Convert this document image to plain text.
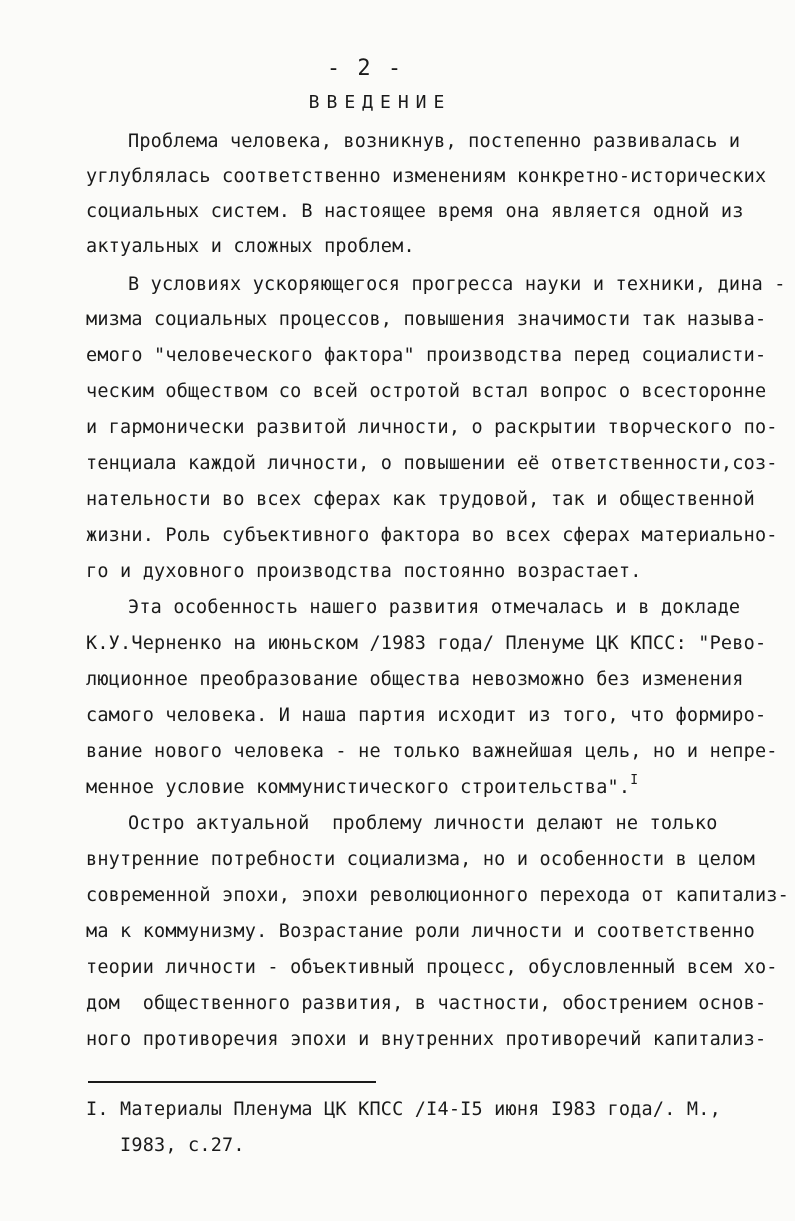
- 2 -
ВВЕДЕНИЕ
Проблема человека, возникнув, постепенно развивалась и
углублялась соответственно изменениям конкретно-исторических
социальных систем. В настоящее время она является одной из
актуальных и сложных проблем.
В условиях ускоряющегося прогресса науки и техники, дина -
мизма социальных процессов, повышения значимости так называ-
емого "человеческого фактора" производства перед социалисти-
ческим обществом со всей остротой встал вопрос о всесторонне
и гармонически развитой личности, о раскрытии творческого по-
тенциала каждой личности, о повышении её ответственности,соз-
нательности во всех сферах как трудовой, так и общественной
жизни. Роль субъективного фактора во всех сферах материально-
го и духовного производства постоянно возрастает.
Эта особенность нашего развития отмечалась и в докладе
К.У.Черненко на июньском /1983 года/ Пленуме ЦК КПСС: "Рево-
люционное преобразование общества невозможно без изменения
самого человека. И наша партия исходит из того, что формиро-
вание нового человека - не только важнейшая цель, но и непре-
менное условие коммунистического строительства".$^I$
Остро актуальной  проблему личности делают не только
внутренние потребности социализма, но и особенности в целом
современной эпохи, эпохи революционного перехода от капитализ-
ма к коммунизму. Возрастание роли личности и соответственно
теории личности - объективный процесс, обусловленный всем хо-
дом  общественного развития, в частности, обострением основ-
ного противоречия эпохи и внутренних противоречий капитализ-
I. Материалы Пленума ЦК КПСС /I4-I5 июня I983 года/. М.,
I983, с.27.
